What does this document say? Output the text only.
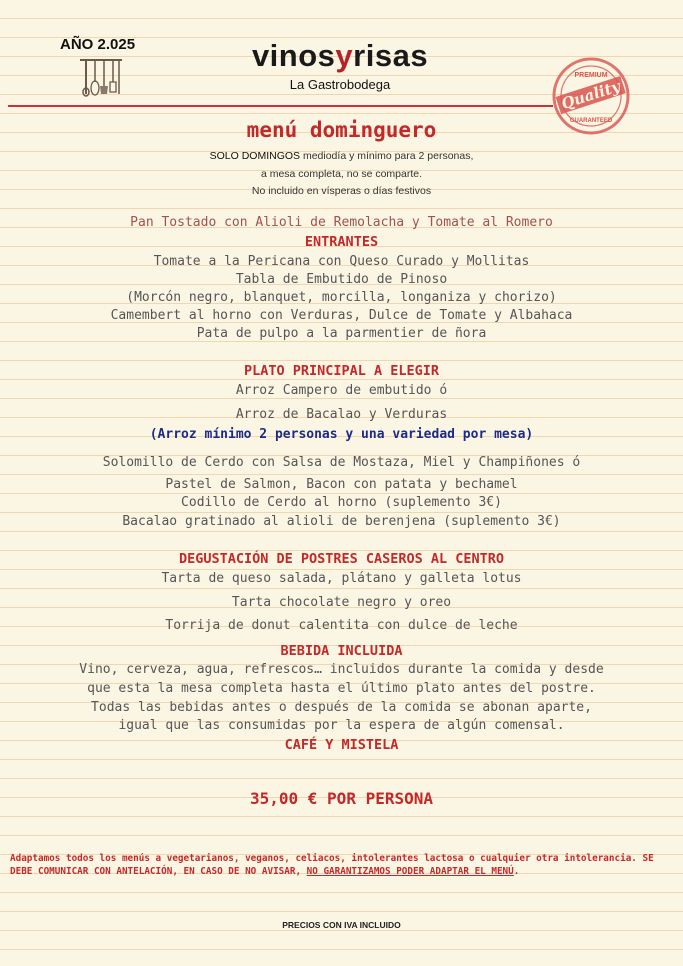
AÑO 2.025	vinosyrisas
La Gastrobodega
PREMIUM
Quality
GUARANTEED
menú dominguero
SOLO DOMINGOS mediodía y mínimo para 2 personas,
a mesa completa, no se comparte.
No incluido en vísperas o días festivos
Pan Tostado con Alioli de Remolacha y Tomate al Romero
ENTRANTES
Tomate a la Pericana con Queso Curado y Mollitas
Tabla de Embutido de Pinoso
(Morcón negro, blanquet, morcilla, longaniza y chorizo)
Camembert al horno con Verduras, Dulce de Tomate y Albahaca
Pata de pulpo a la parmentier de ñora
PLATO PRINCIPAL A ELEGIR
Arroz Campero de embutido ó
Arroz de Bacalao y Verduras
(Arroz mínimo 2 personas y una variedad por mesa)
Solomillo de Cerdo con Salsa de Mostaza, Miel y Champiñones ó
Pastel de Salmon, Bacon con patata y bechamel
Codillo de Cerdo al horno (suplemento 3€)
Bacalao gratinado al alioli de berenjena (suplemento 3€)
DEGUSTACIÓN DE POSTRES CASEROS AL CENTRO
Tarta de queso salada, plátano y galleta lotus
Tarta chocolate negro y oreo
Torrija de donut calentita con dulce de leche
BEBIDA INCLUIDA
Vino, cerveza, agua, refrescos… incluidos durante la comida y desde
que esta la mesa completa hasta el último plato antes del postre.
Todas las bebidas antes o después de la comida se abonan aparte,
igual que las consumidas por la espera de algún comensal.
CAFÉ Y MISTELA
35,00 € POR PERSONA
Adaptamos todos los menús a vegetarianos, veganos, celiacos, intolerantes lactosa o cualquier otra intolerancia. SE DEBE COMUNICAR CON ANTELACIÓN, EN CASO DE NO AVISAR, NO GARANTIZAMOS PODER ADAPTAR EL MENÚ.
PRECIOS CON IVA INCLUIDO
